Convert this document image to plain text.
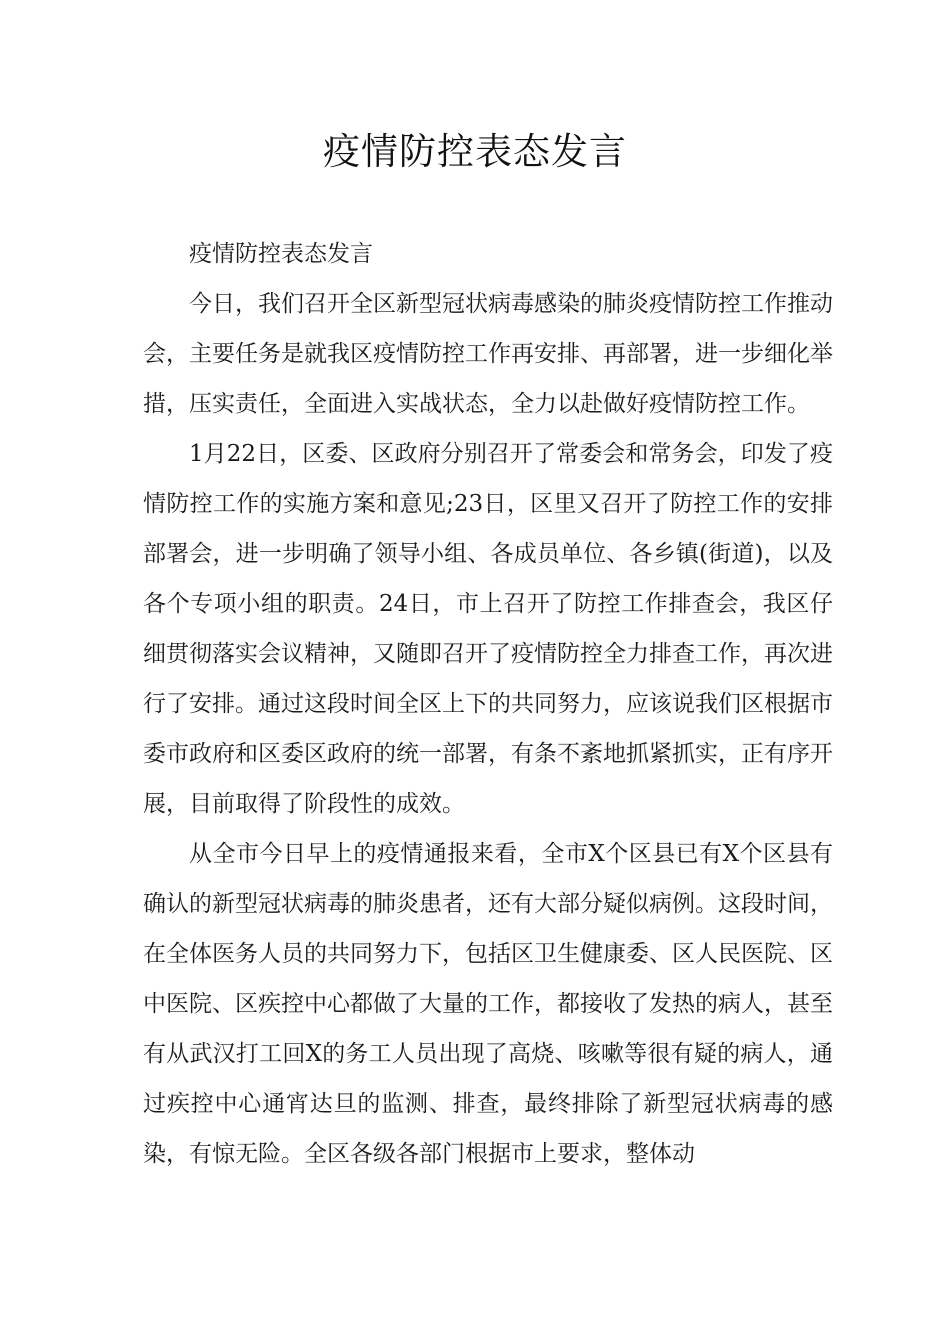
疫情防控表态发言

疫情防控表态发言

今日，我们召开全区新型冠状病毒感染的肺炎疫情防控工作推动会，主要任务是就我区疫情防控工作再安排、再部署，进一步细化举措，压实责任，全面进入实战状态，全力以赴做好疫情防控工作。

1月22日，区委、区政府分别召开了常委会和常务会，印发了疫情防控工作的实施方案和意见;23日，区里又召开了防控工作的安排部署会，进一步明确了领导小组、各成员单位、各乡镇(街道)，以及各个专项小组的职责。24日，市上召开了防控工作排查会，我区仔细贯彻落实会议精神，又随即召开了疫情防控全力排查工作，再次进行了安排。通过这段时间全区上下的共同努力，应该说我们区根据市委市政府和区委区政府的统一部署，有条不紊地抓紧抓实，正有序开展，目前取得了阶段性的成效。

从全市今日早上的疫情通报来看，全市X个区县已有X个区县有确认的新型冠状病毒的肺炎患者，还有大部分疑似病例。这段时间，在全体医务人员的共同努力下，包括区卫生健康委、区人民医院、区中医院、区疾控中心都做了大量的工作，都接收了发热的病人，甚至有从武汉打工回X的务工人员出现了高烧、咳嗽等很有疑的病人，通过疾控中心通宵达旦的监测、排查，最终排除了新型冠状病毒的感染，有惊无险。全区各级各部门根据市上要求，整体动
